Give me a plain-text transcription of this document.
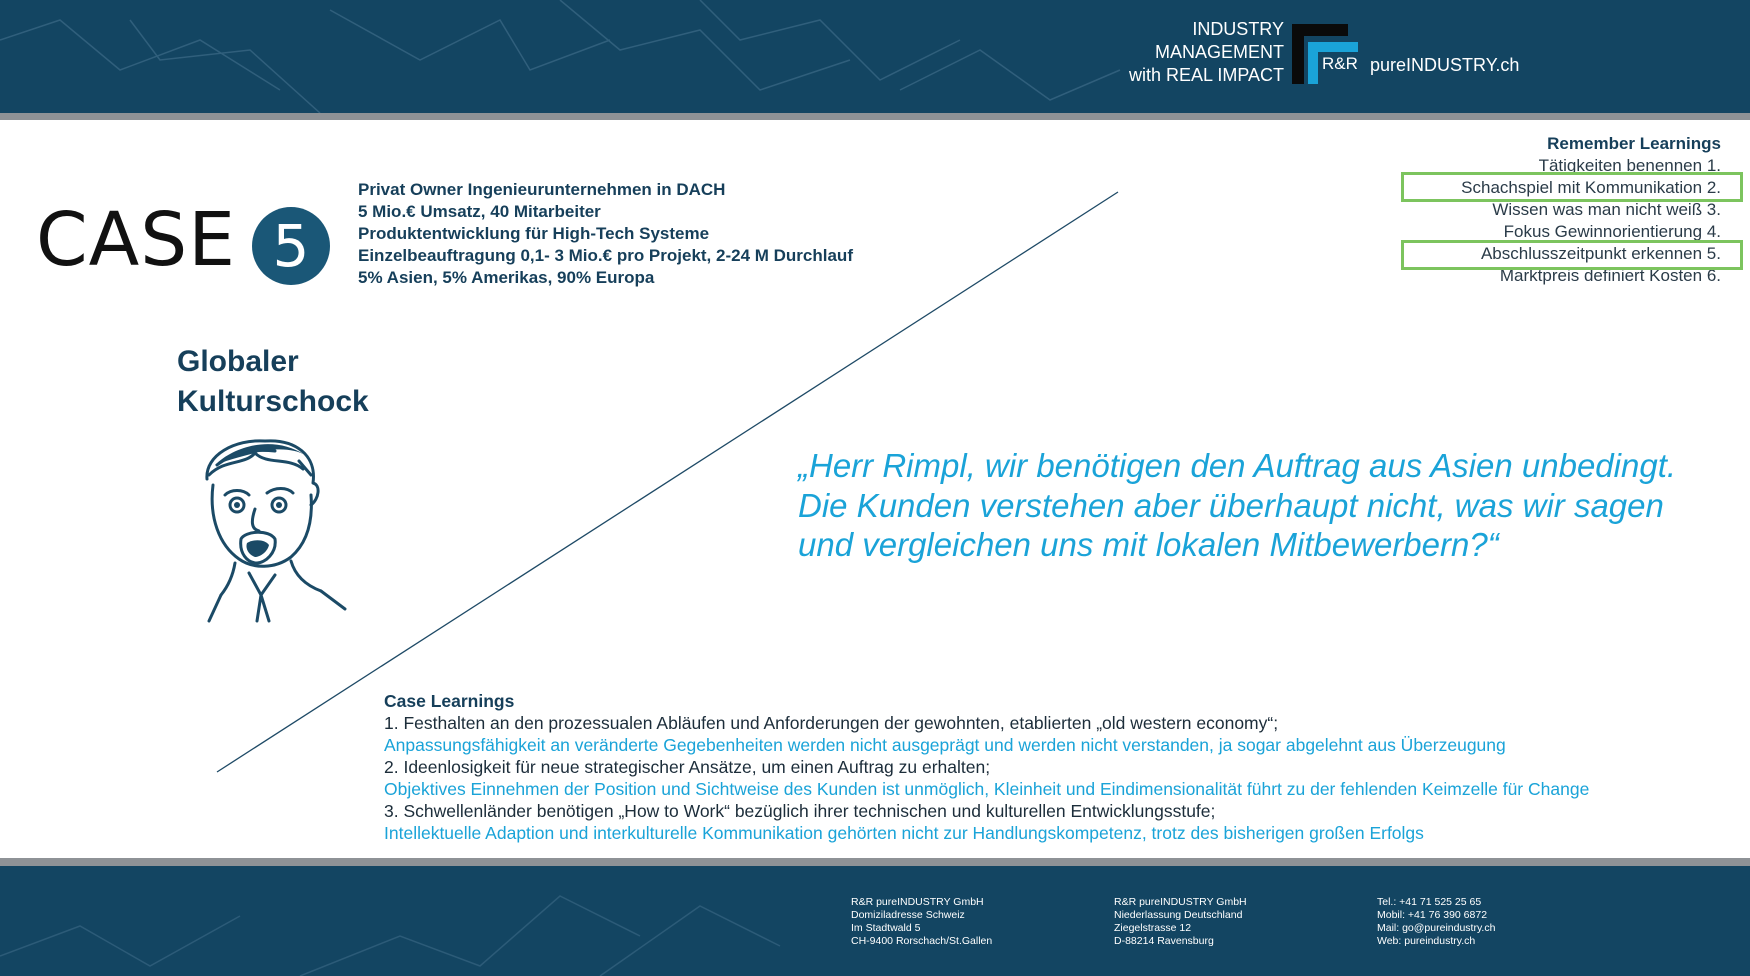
INDUSTRY
MANAGEMENT
with REAL IMPACT
R&R pureINDUSTRY.ch
CASE 5
Privat Owner Ingenieurunternehmen in DACH
5 Mio.€ Umsatz, 40 Mitarbeiter
Produktentwicklung für High-Tech Systeme
Einzelbeauftragung 0,1- 3 Mio.€ pro Projekt, 2-24 M Durchlauf
5% Asien, 5% Amerikas, 90% Europa
Remember Learnings
Tätigkeiten benennen 1.
Schachspiel mit Kommunikation 2.
Wissen was man nicht weiß 3.
Fokus Gewinnorientierung 4.
Abschlusszeitpunkt erkennen 5.
Marktpreis definiert Kosten 6.
Globaler
Kulturschock
„Herr Rimpl, wir benötigen den Auftrag aus Asien unbedingt. Die Kunden verstehen aber überhaupt nicht, was wir sagen und vergleichen uns mit lokalen Mitbewerbern?“
Case Learnings
1. Festhalten an den prozessualen Abläufen und Anforderungen der gewohnten, etablierten „old western economy“;
Anpassungsfähigkeit an veränderte Gegebenheiten werden nicht ausgeprägt und werden nicht verstanden, ja sogar abgelehnt aus Überzeugung
2. Ideenlosigkeit für neue strategischer Ansätze, um einen Auftrag zu erhalten;
Objektives Einnehmen der Position und Sichtweise des Kunden ist unmöglich, Kleinheit und Eindimensionalität führt zu der fehlenden Keimzelle für Change
3. Schwellenländer benötigen „How to Work“ bezüglich ihrer technischen und kulturellen Entwicklungsstufe;
Intellektuelle Adaption und interkulturelle Kommunikation gehörten nicht zur Handlungskompetenz, trotz des bisherigen großen Erfolgs
R&R pureINDUSTRY GmbH
Domiziladresse Schweiz
Im Stadtwald 5
CH-9400 Rorschach/St.Gallen
R&R pureINDUSTRY GmbH
Niederlassung Deutschland
Ziegelstrasse 12
D-88214 Ravensburg
Tel.: +41 71 525 25 65
Mobil: +41 76 390 6872
Mail: go@pureindustry.ch
Web: pureindustry.ch
